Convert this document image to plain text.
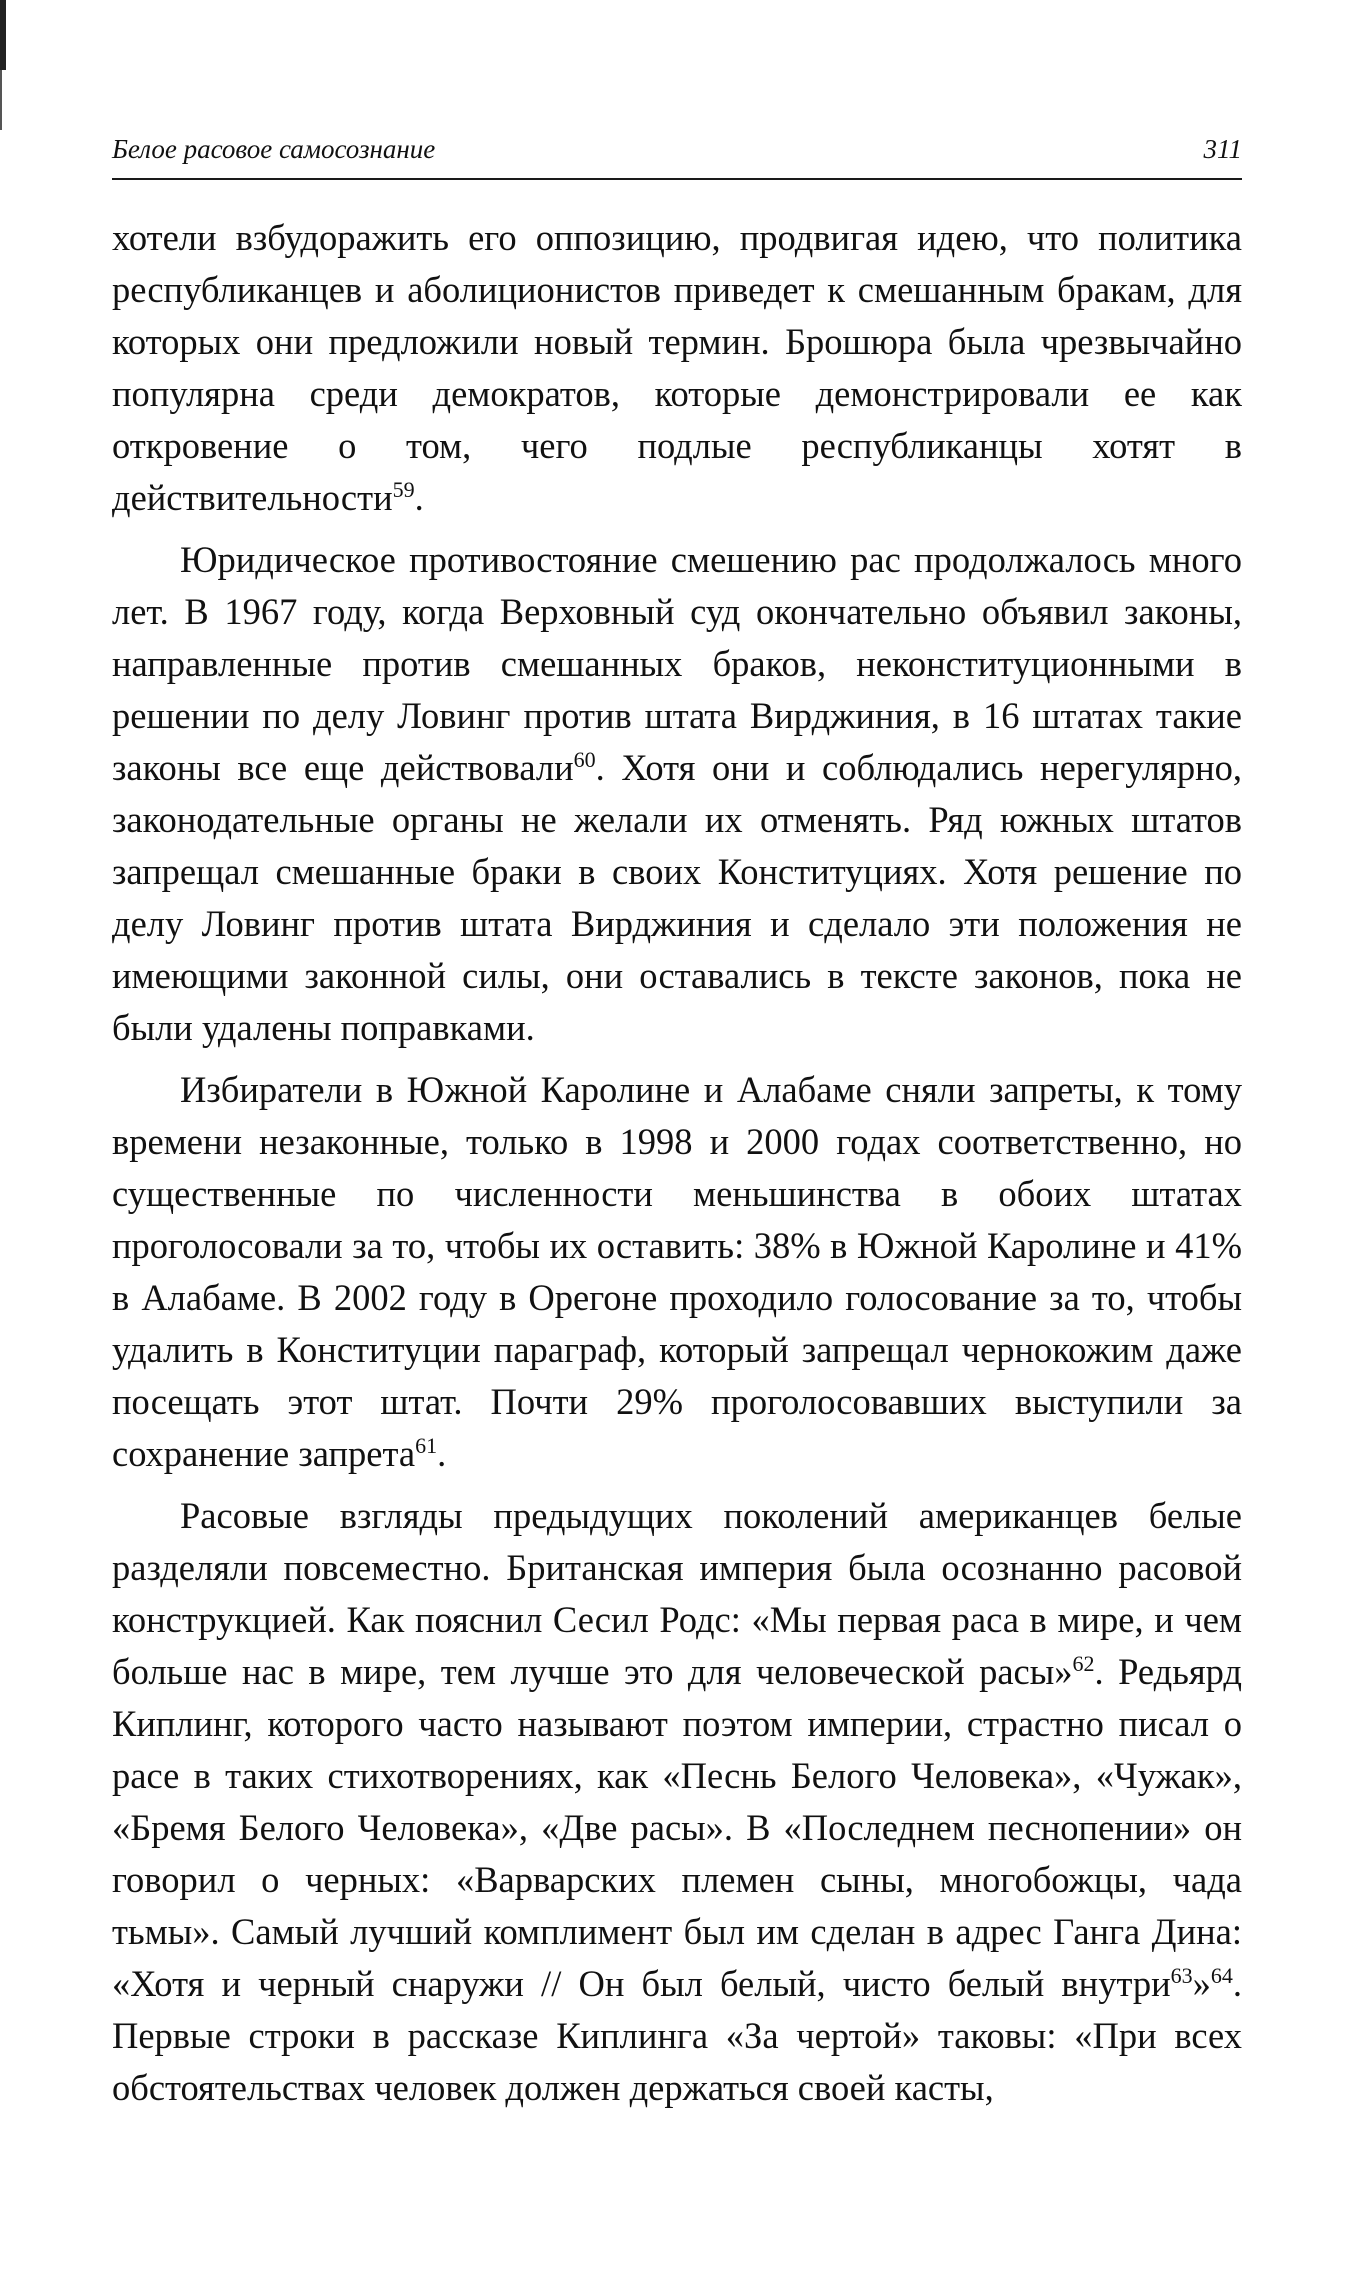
Белое расовое самосознание	311

хотели взбудоражить его оппозицию, продвигая идею, что политика республиканцев и аболиционистов приведет к смешанным бракам, для которых они предложили новый термин. Брошюра была чрезвычайно популярна среди демократов, которые демонстрировали ее как откровение о том, чего подлые республиканцы хотят в действительности$^{59}$.

Юридическое противостояние смешению рас продолжалось много лет. В 1967 году, когда Верховный суд окончательно объявил законы, направленные против смешанных браков, неконституционными в решении по делу Ловинг против штата Вирджиния, в 16 штатах такие законы все еще действовали$^{60}$. Хотя они и соблюдались нерегулярно, законодательные органы не желали их отменять. Ряд южных штатов запрещал смешанные браки в своих Конституциях. Хотя решение по делу Ловинг против штата Вирджиния и сделало эти положения не имеющими законной силы, они оставались в тексте законов, пока не были удалены поправками.

Избиратели в Южной Каролине и Алабаме сняли запреты, к тому времени незаконные, только в 1998 и 2000 годах соответственно, но существенные по численности меньшинства в обоих штатах проголосовали за то, чтобы их оставить: 38% в Южной Каролине и 41% в Алабаме. В 2002 году в Орегоне проходило голосование за то, чтобы удалить в Конституции параграф, который запрещал чернокожим даже посещать этот штат. Почти 29% проголосовавших выступили за сохранение запрета$^{61}$.

Расовые взгляды предыдущих поколений американцев белые разделяли повсеместно. Британская империя была осознанно расовой конструкцией. Как пояснил Сесил Родс: «Мы первая раса в мире, и чем больше нас в мире, тем лучше это для человеческой расы»$^{62}$. Редьярд Киплинг, которого часто называют поэтом империи, страстно писал о расе в таких стихотворениях, как «Песнь Белого Человека», «Чужак», «Бремя Белого Человека», «Две расы». В «Последнем песнопении» он говорил о черных: «Варварских племен сыны, многобожцы, чада тьмы». Самый лучший комплимент был им сделан в адрес Ганга Дина: «Хотя и черный снаружи // Он был белый, чисто белый внутри$^{63}$»$^{64}$. Первые строки в рассказе Киплинга «За чертой» таковы: «При всех обстоятельствах человек должен держаться своей касты,
